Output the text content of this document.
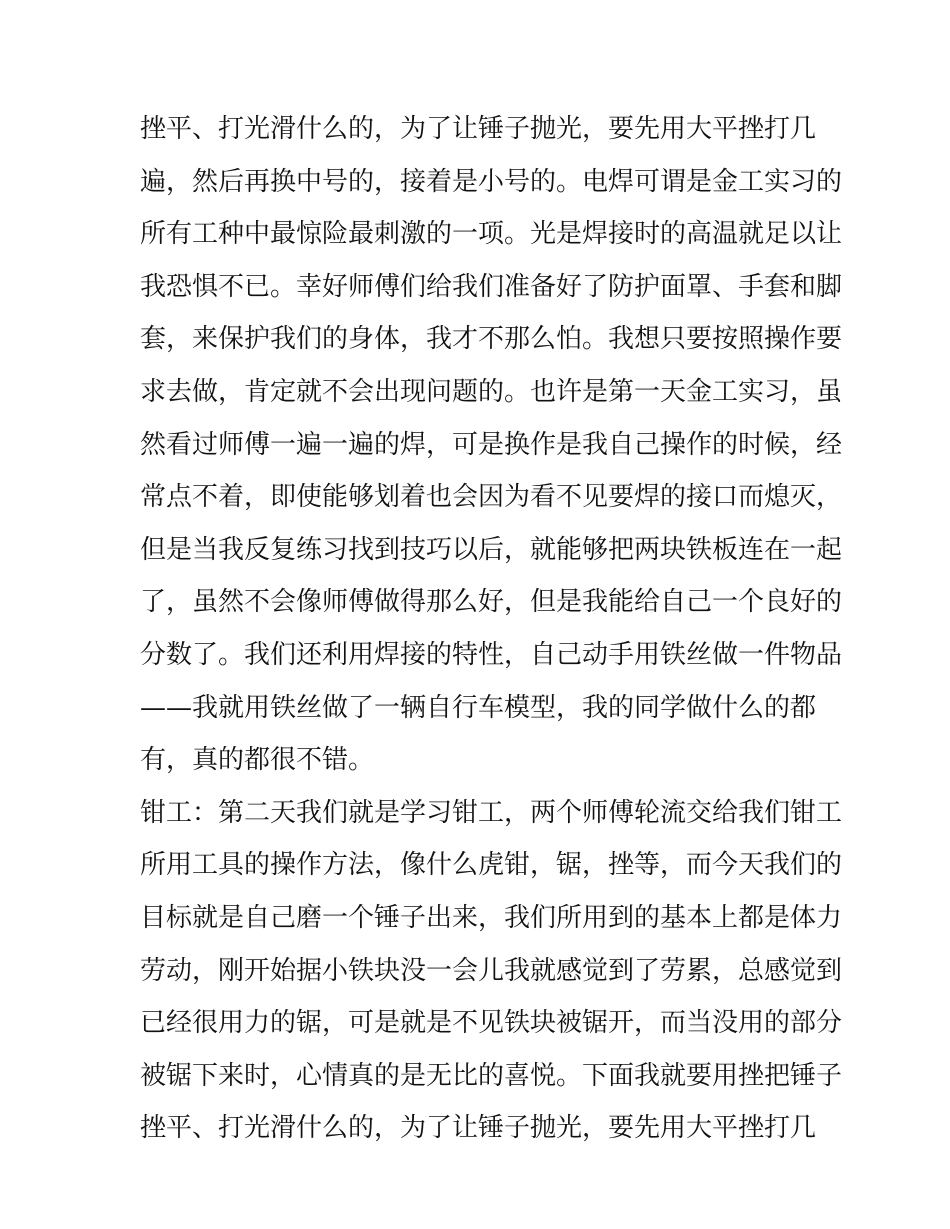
挫平、打光滑什么的，为了让锤子抛光，要先用大平挫打几
遍，然后再换中号的，接着是小号的。电焊可谓是金工实习的
所有工种中最惊险最刺激的一项。光是焊接时的高温就足以让
我恐惧不已。幸好师傅们给我们准备好了防护面罩、手套和脚
套，来保护我们的身体，我才不那么怕。我想只要按照操作要
求去做，肯定就不会出现问题的。也许是第一天金工实习，虽
然看过师傅一遍一遍的焊，可是换作是我自己操作的时候，经
常点不着，即使能够划着也会因为看不见要焊的接口而熄灭，
但是当我反复练习找到技巧以后，就能够把两块铁板连在一起
了，虽然不会像师傅做得那么好，但是我能给自己一个良好的
分数了。我们还利用焊接的特性，自己动手用铁丝做一件物品
——我就用铁丝做了一辆自行车模型，我的同学做什么的都
有，真的都很不错。
钳工：第二天我们就是学习钳工，两个师傅轮流交给我们钳工
所用工具的操作方法，像什么虎钳，锯，挫等，而今天我们的
目标就是自己磨一个锤子出来，我们所用到的基本上都是体力
劳动，刚开始据小铁块没一会儿我就感觉到了劳累，总感觉到
已经很用力的锯，可是就是不见铁块被锯开，而当没用的部分
被锯下来时，心情真的是无比的喜悦。下面我就要用挫把锤子
挫平、打光滑什么的，为了让锤子抛光，要先用大平挫打几
